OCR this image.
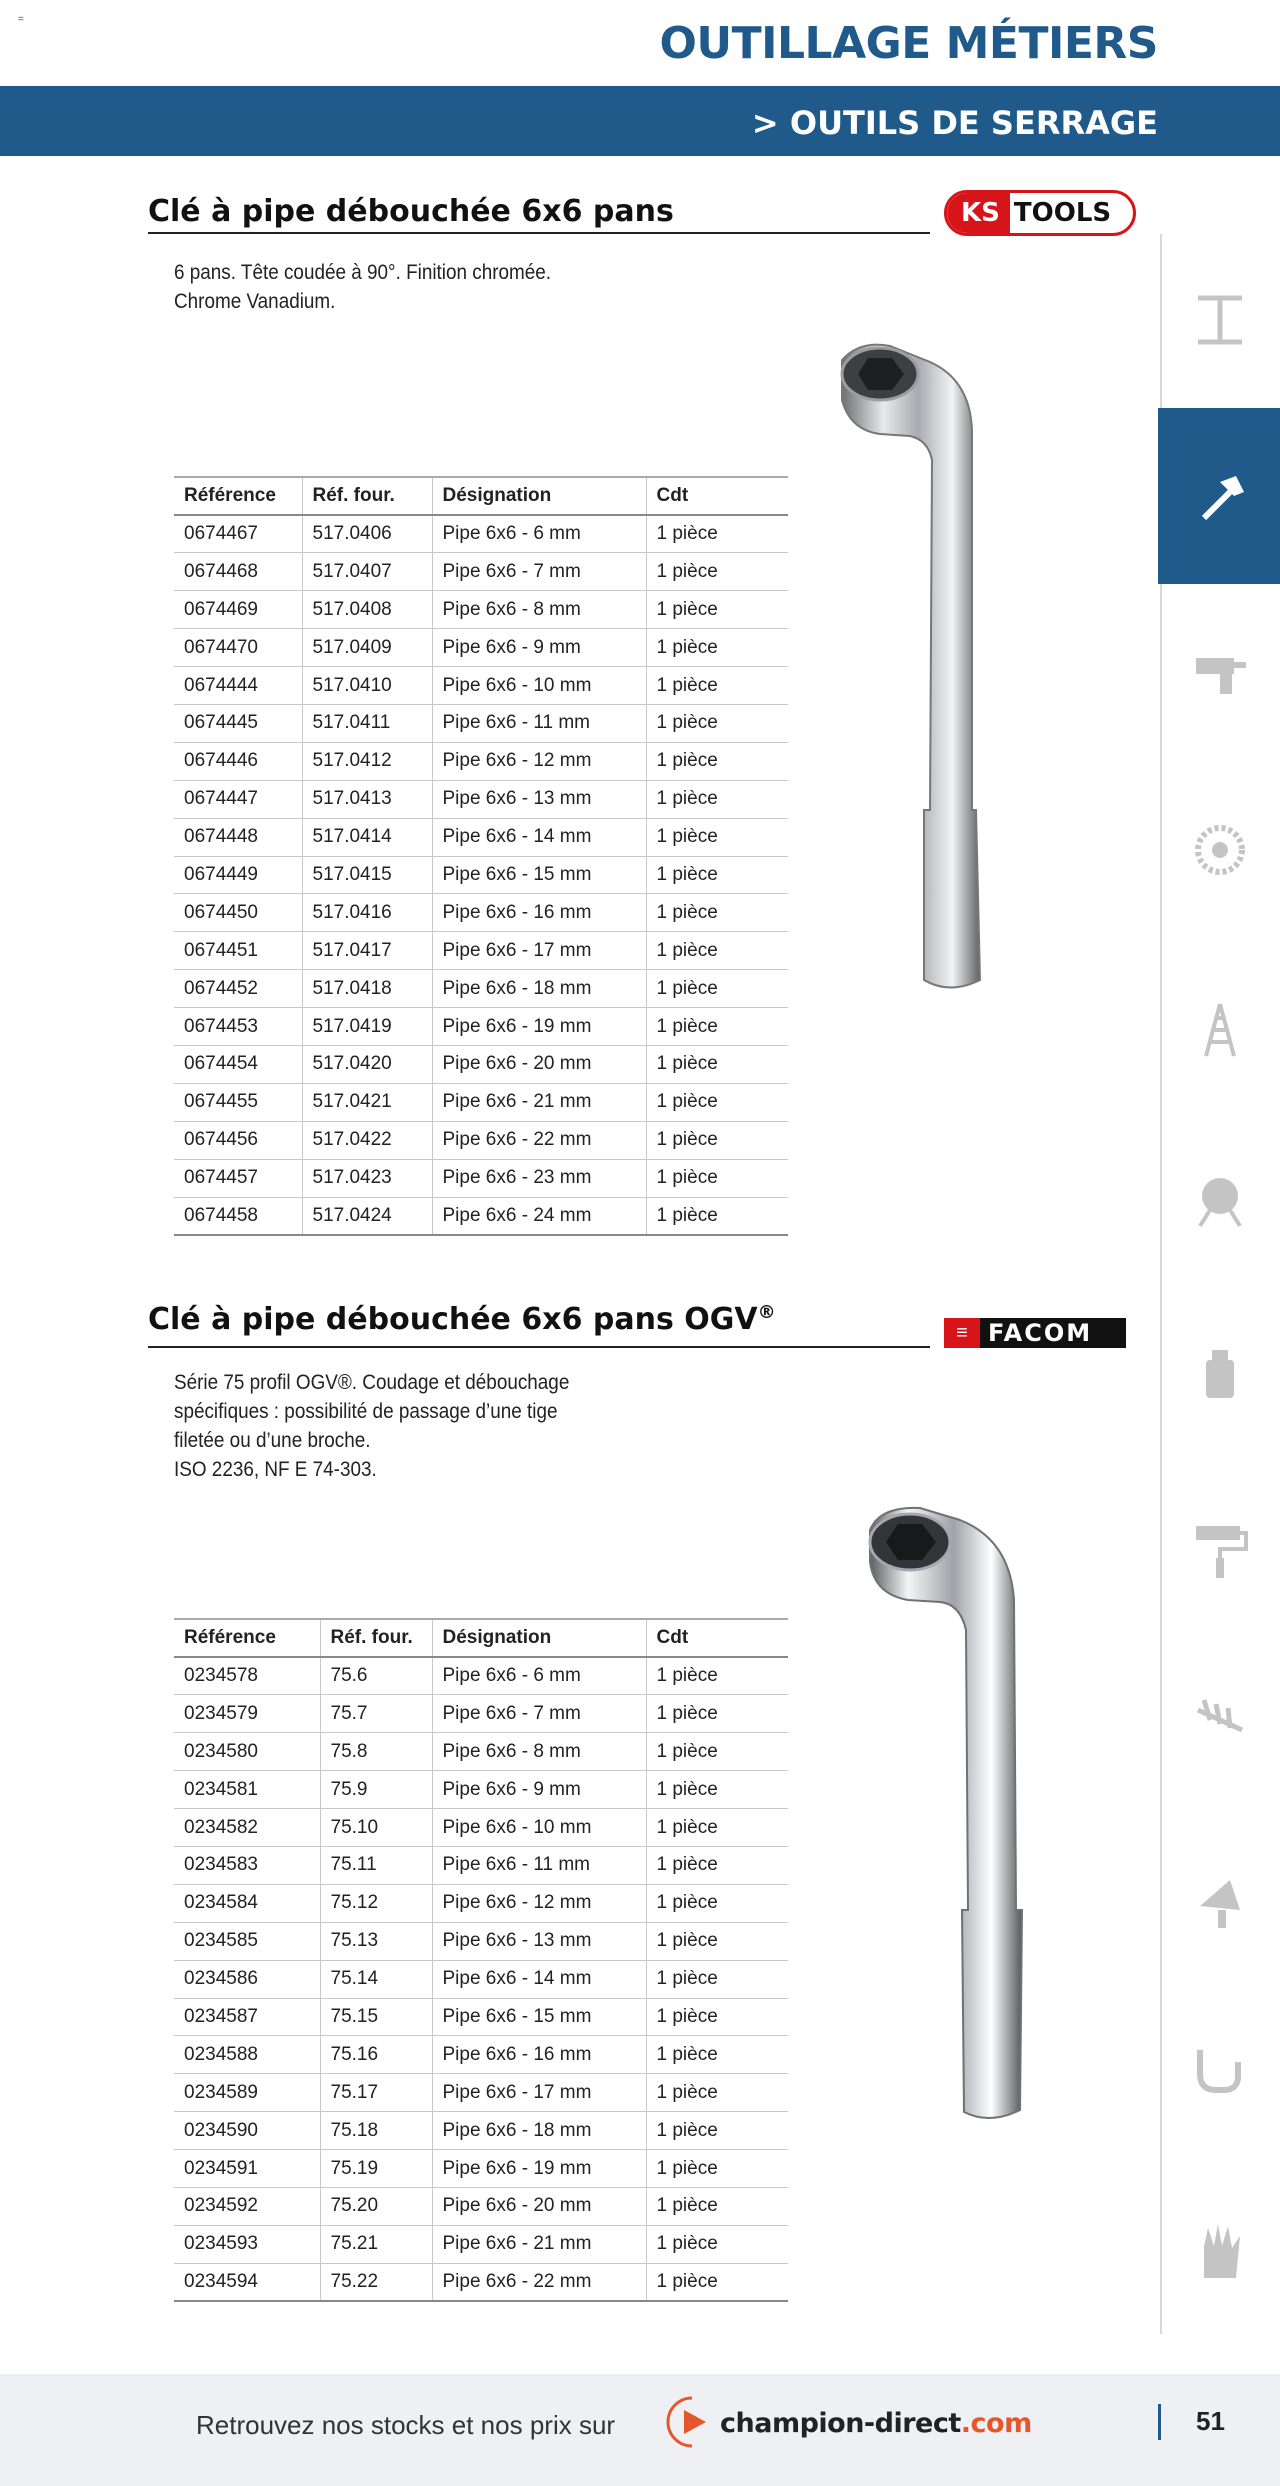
=	OUTILLAGE MÉTIERS
> OUTILS DE SERRAGE
Clé à pipe débouchée 6x6 pans	KS TOOLS
6 pans. Tête coudée à 90°. Finition chromée.
Chrome Vanadium.
Référence	Réf. four.	Désignation	Cdt
0674467	517.0406	Pipe 6x6 - 6 mm	1 pièce
0674468	517.0407	Pipe 6x6 - 7 mm	1 pièce
0674469	517.0408	Pipe 6x6 - 8 mm	1 pièce
0674470	517.0409	Pipe 6x6 - 9 mm	1 pièce
0674444	517.0410	Pipe 6x6 - 10 mm	1 pièce
0674445	517.0411	Pipe 6x6 - 11 mm	1 pièce
0674446	517.0412	Pipe 6x6 - 12 mm	1 pièce
0674447	517.0413	Pipe 6x6 - 13 mm	1 pièce
0674448	517.0414	Pipe 6x6 - 14 mm	1 pièce
0674449	517.0415	Pipe 6x6 - 15 mm	1 pièce
0674450	517.0416	Pipe 6x6 - 16 mm	1 pièce
0674451	517.0417	Pipe 6x6 - 17 mm	1 pièce
0674452	517.0418	Pipe 6x6 - 18 mm	1 pièce
0674453	517.0419	Pipe 6x6 - 19 mm	1 pièce
0674454	517.0420	Pipe 6x6 - 20 mm	1 pièce
0674455	517.0421	Pipe 6x6 - 21 mm	1 pièce
0674456	517.0422	Pipe 6x6 - 22 mm	1 pièce
0674457	517.0423	Pipe 6x6 - 23 mm	1 pièce
0674458	517.0424	Pipe 6x6 - 24 mm	1 pièce
Clé à pipe débouchée 6x6 pans OGV®
≡ FACOM
Série 75 profil OGV®. Coudage et débouchage
spécifiques : possibilité de passage d’une tige
filetée ou d’une broche.
ISO 2236, NF E 74-303.
Référence	Réf. four.	Désignation	Cdt
0234578	75.6	Pipe 6x6 - 6 mm	1 pièce
0234579	75.7	Pipe 6x6 - 7 mm	1 pièce
0234580	75.8	Pipe 6x6 - 8 mm	1 pièce
0234581	75.9	Pipe 6x6 - 9 mm	1 pièce
0234582	75.10	Pipe 6x6 - 10 mm	1 pièce
0234583	75.11	Pipe 6x6 - 11 mm	1 pièce
0234584	75.12	Pipe 6x6 - 12 mm	1 pièce
0234585	75.13	Pipe 6x6 - 13 mm	1 pièce
0234586	75.14	Pipe 6x6 - 14 mm	1 pièce
0234587	75.15	Pipe 6x6 - 15 mm	1 pièce
0234588	75.16	Pipe 6x6 - 16 mm	1 pièce
0234589	75.17	Pipe 6x6 - 17 mm	1 pièce
0234590	75.18	Pipe 6x6 - 18 mm	1 pièce
0234591	75.19	Pipe 6x6 - 19 mm	1 pièce
0234592	75.20	Pipe 6x6 - 20 mm	1 pièce
0234593	75.21	Pipe 6x6 - 21 mm	1 pièce
0234594	75.22	Pipe 6x6 - 22 mm	1 pièce
Retrouvez nos stocks et nos prix sur	champion-direct.com	51
